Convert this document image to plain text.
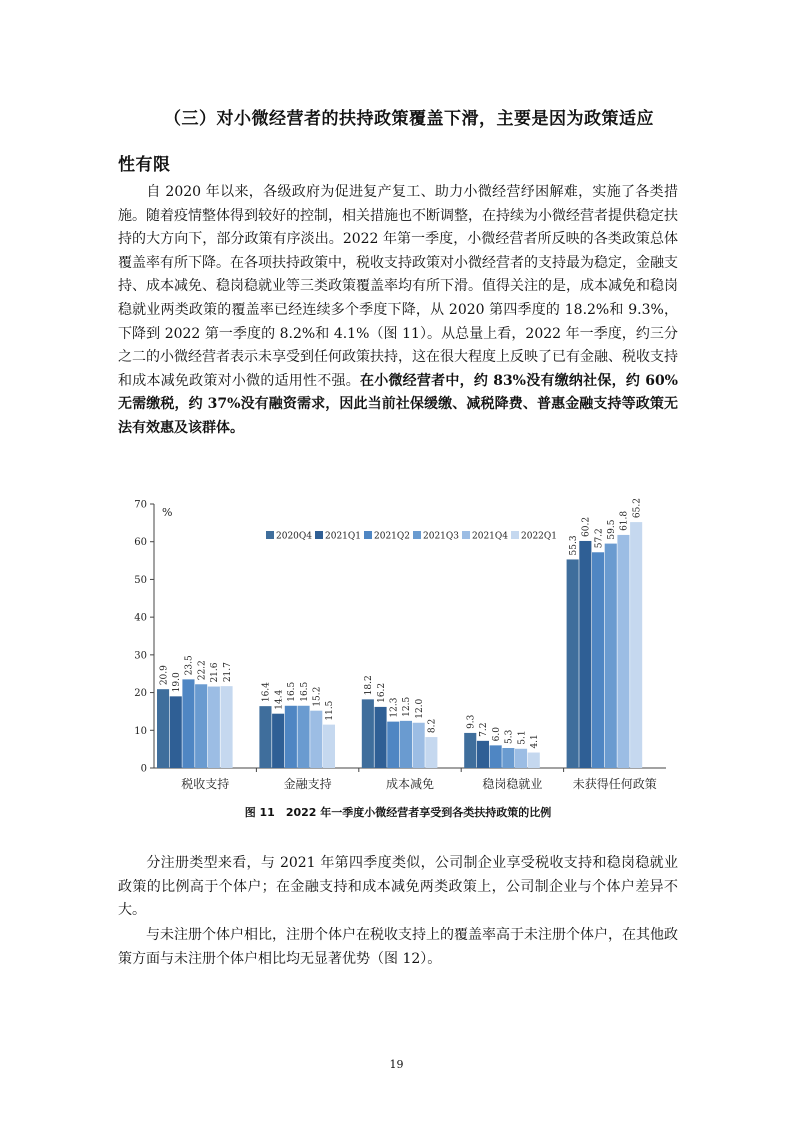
（三）对小微经营者的扶持政策覆盖下滑，主要是因为政策适应
性有限
自 2020 年以来，各级政府为促进复产复工、助力小微经营纾困解难，实施了各类措施。随着疫情整体得到较好的控制，相关措施也不断调整，在持续为小微经营者提供稳定扶持的大方向下，部分政策有序淡出。2022 年第一季度，小微经营者所反映的各类政策总体覆盖率有所下降。在各项扶持政策中，税收支持政策对小微经营者的支持最为稳定，金融支持、成本减免、稳岗稳就业等三类政策覆盖率均有所下滑。值得关注的是，成本减免和稳岗稳就业两类政策的覆盖率已经连续多个季度下降，从 2020 第四季度的 18.2%和 9.3%，下降到 2022 第一季度的 8.2%和 4.1%（图 11）。从总量上看，2022 年一季度，约三分之二的小微经营者表示未享受到任何政策扶持，这在很大程度上反映了已有金融、税收支持和成本减免政策对小微的适用性不强。在小微经营者中，约 83%没有缴纳社保，约 60%无需缴税，约 37%没有融资需求，因此当前社保缓缴、减税降费、普惠金融支持等政策无法有效惠及该群体。
0
10
20
30
40
50
60
70
%
20.9 19.0
23.5 22.2 21.6 21.7
税收支持
16.4 14.4 16.5 16.5 15.2
11.5
金融支持
18.2 16.2
12.3 12.5 12.0
8.2
成本减免
9.3
7.2 6.0 5.3 5.1 4.1
稳岗稳就业
55.3
60.2
57.2 59.5 61.8
65.2
未获得任何政策
2020Q4 2021Q1 2021Q2 2021Q3 2021Q4 2022Q1
图 11　2022 年一季度小微经营者享受到各类扶持政策的比例
分注册类型来看，与 2021 年第四季度类似，公司制企业享受税收支持和稳岗稳就业政策的比例高于个体户；在金融支持和成本减免两类政策上，公司制企业与个体户差异不大。
与未注册个体户相比，注册个体户在税收支持上的覆盖率高于未注册个体户，在其他政策方面与未注册个体户相比均无显著优势（图 12）。
19
